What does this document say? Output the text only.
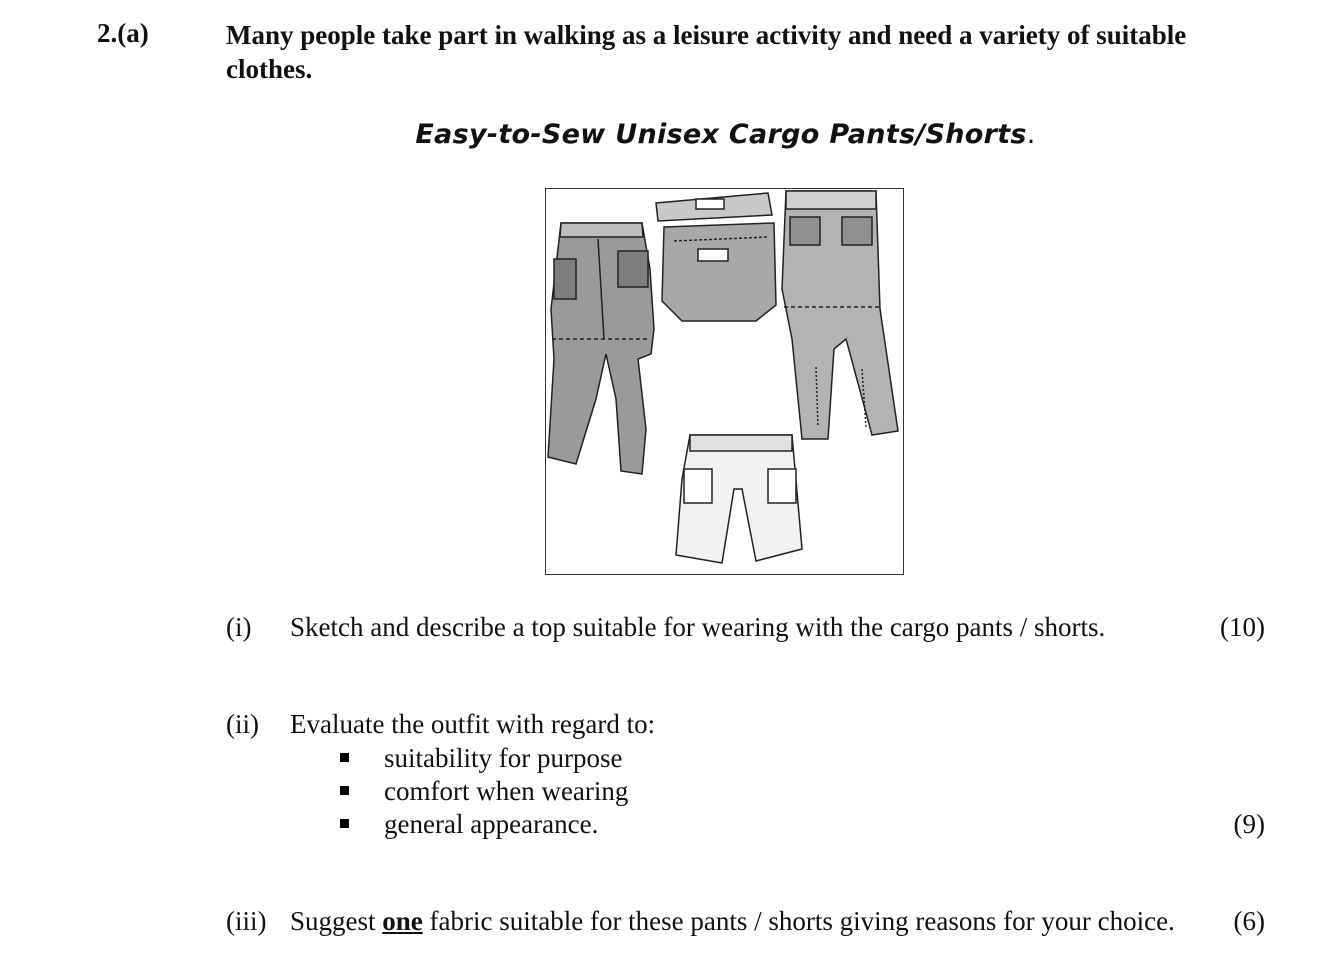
2.(a)	Many people take part in walking as a leisure activity and need a variety of suitable clothes.
Easy-to-Sew Unisex Cargo Pants/Shorts.
(i) Sketch and describe a top suitable for wearing with the cargo pants / shorts.	(10)
(ii) Evaluate the outfit with regard to:
suitability for purpose
comfort when wearing
general appearance.	(9)
(iii) Suggest one fabric suitable for these pants / shorts giving reasons for your choice. (6)
